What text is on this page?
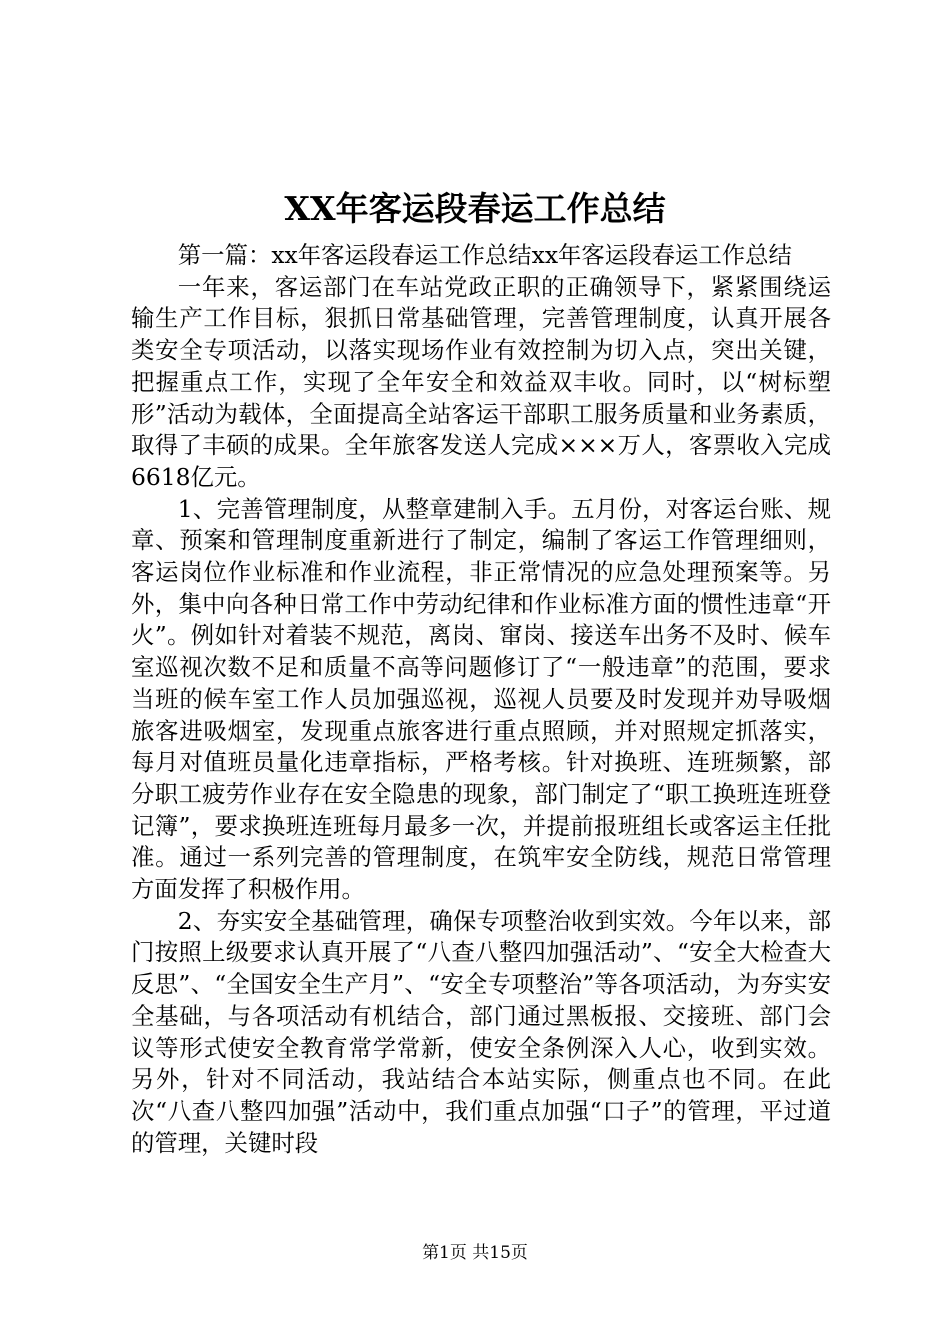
XX年客运段春运工作总结

第一篇：xx年客运段春运工作总结xx年客运段春运工作总结

一年来，客运部门在车站党政正职的正确领导下，紧紧围绕运输生产工作目标，狠抓日常基础管理，完善管理制度，认真开展各类安全专项活动，以落实现场作业有效控制为切入点，突出关键，把握重点工作，实现了全年安全和效益双丰收。同时，以“树标塑形”活动为载体，全面提高全站客运干部职工服务质量和业务素质，取得了丰硕的成果。全年旅客发送人完成×××万人，客票收入完成6618亿元。

1、完善管理制度，从整章建制入手。五月份，对客运台账、规章、预案和管理制度重新进行了制定，编制了客运工作管理细则，客运岗位作业标准和作业流程，非正常情况的应急处理预案等。另外，集中向各种日常工作中劳动纪律和作业标准方面的惯性违章“开火”。例如针对着装不规范，离岗、窜岗、接送车出务不及时、候车室巡视次数不足和质量不高等问题修订了“一般违章”的范围，要求当班的候车室工作人员加强巡视，巡视人员要及时发现并劝导吸烟旅客进吸烟室，发现重点旅客进行重点照顾，并对照规定抓落实，每月对值班员量化违章指标，严格考核。针对换班、连班频繁，部分职工疲劳作业存在安全隐患的现象，部门制定了“职工换班连班登记簿”，要求换班连班每月最多一次，并提前报班组长或客运主任批准。通过一系列完善的管理制度，在筑牢安全防线，规范日常管理方面发挥了积极作用。

2、夯实安全基础管理，确保专项整治收到实效。今年以来，部门按照上级要求认真开展了“八查八整四加强活动”、“安全大检查大反思”、“全国安全生产月”、“安全专项整治”等各项活动，为夯实安全基础，与各项活动有机结合，部门通过黑板报、交接班、部门会议等形式使安全教育常学常新，使安全条例深入人心，收到实效。另外，针对不同活动，我站结合本站实际，侧重点也不同。在此次“八查八整四加强”活动中，我们重点加强“口子”的管理，平过道的管理，关键时段

第1页 共15页
